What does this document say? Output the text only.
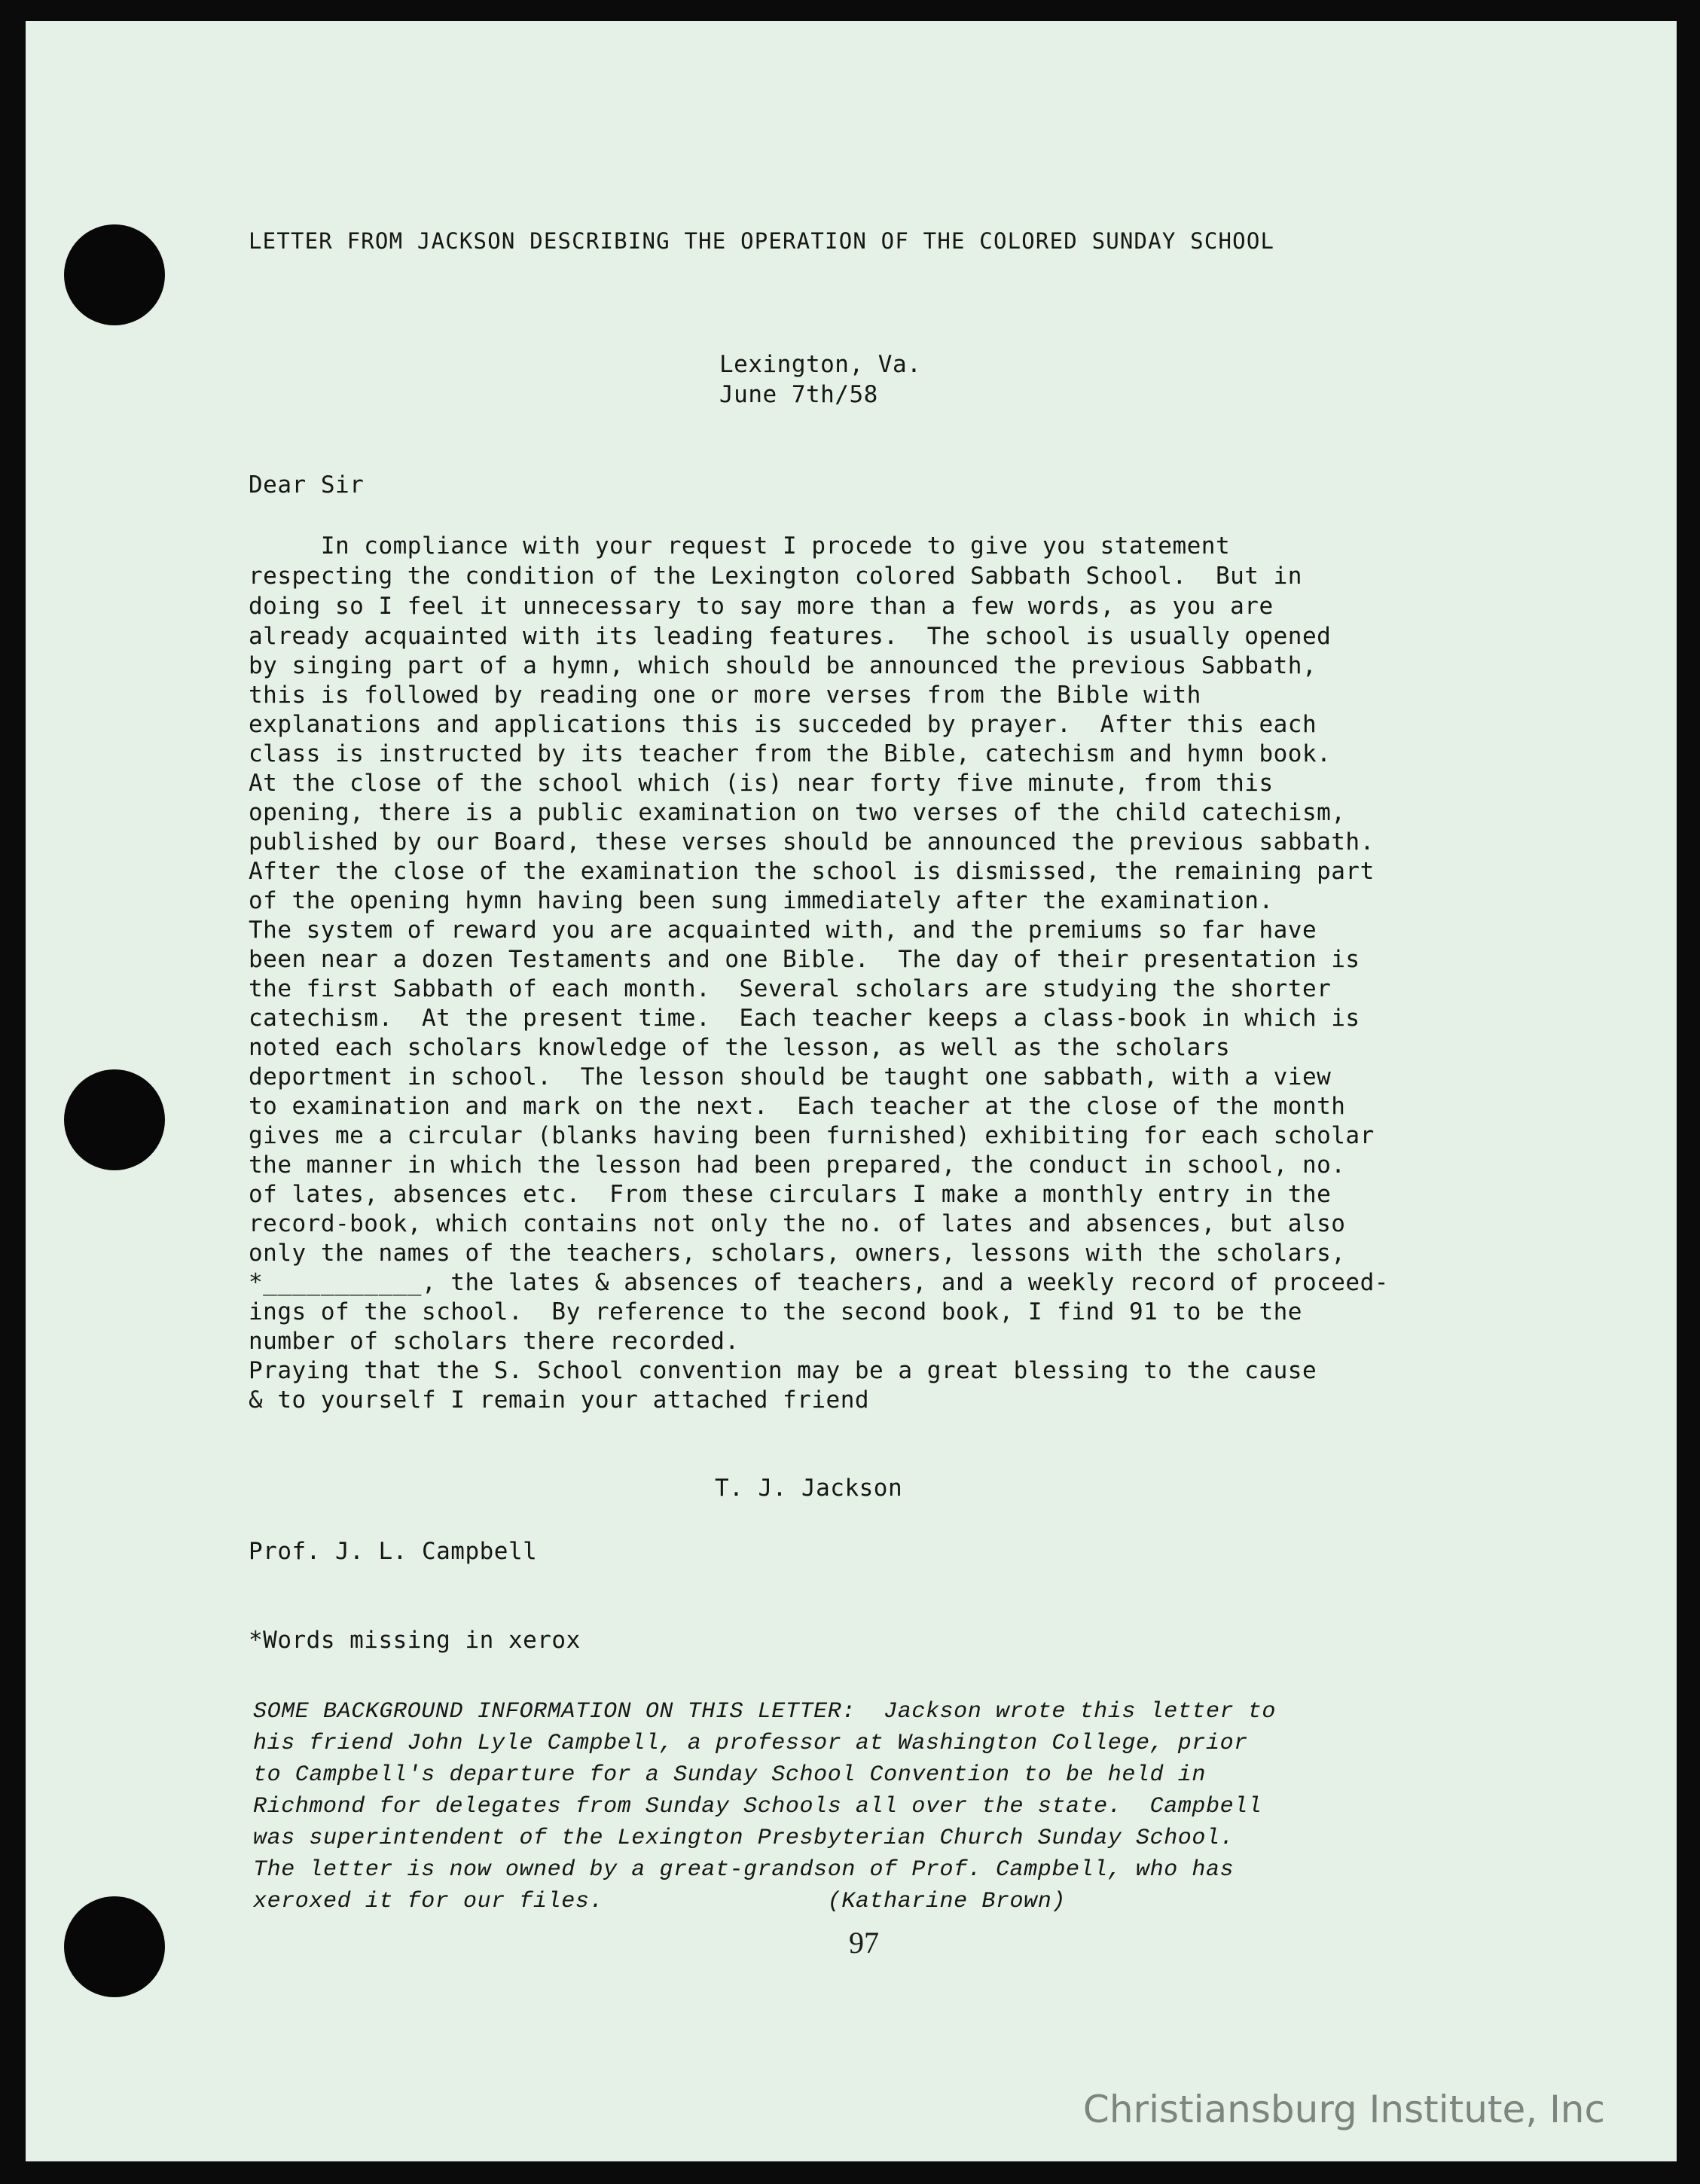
LETTER FROM JACKSON DESCRIBING THE OPERATION OF THE COLORED SUNDAY SCHOOL
Lexington, Va.
June 7th/58
Dear Sir
In compliance with your request I procede to give you statement
respecting the condition of the Lexington colored Sabbath School.  But in
doing so I feel it unnecessary to say more than a few words, as you are
already acquainted with its leading features.  The school is usually opened
by singing part of a hymn, which should be announced the previous Sabbath,
this is followed by reading one or more verses from the Bible with
explanations and applications this is succeded by prayer.  After this each
class is instructed by its teacher from the Bible, catechism and hymn book.
At the close of the school which (is) near forty five minute, from this
opening, there is a public examination on two verses of the child catechism,
published by our Board, these verses should be announced the previous sabbath.
After the close of the examination the school is dismissed, the remaining part
of the opening hymn having been sung immediately after the examination.
The system of reward you are acquainted with, and the premiums so far have
been near a dozen Testaments and one Bible.  The day of their presentation is
the first Sabbath of each month.  Several scholars are studying the shorter
catechism.  At the present time.  Each teacher keeps a class-book in which is
noted each scholars knowledge of the lesson, as well as the scholars
deportment in school.  The lesson should be taught one sabbath, with a view
to examination and mark on the next.  Each teacher at the close of the month
gives me a circular (blanks having been furnished) exhibiting for each scholar
the manner in which the lesson had been prepared, the conduct in school, no.
of lates, absences etc.  From these circulars I make a monthly entry in the
record-book, which contains not only the no. of lates and absences, but also
only the names of the teachers, scholars, owners, lessons with the scholars,
*___________, the lates & absences of teachers, and a weekly record of proceed-
ings of the school.  By reference to the second book, I find 91 to be the
number of scholars there recorded.
Praying that the S. School convention may be a great blessing to the cause
& to yourself I remain your attached friend
T. J. Jackson
Prof. J. L. Campbell
*Words missing in xerox
SOME BACKGROUND INFORMATION ON THIS LETTER:  Jackson wrote this letter to
his friend John Lyle Campbell, a professor at Washington College, prior
to Campbell's departure for a Sunday School Convention to be held in
Richmond for delegates from Sunday Schools all over the state.  Campbell
was superintendent of the Lexington Presbyterian Church Sunday School.
The letter is now owned by a great-grandson of Prof. Campbell, who has
xeroxed it for our files.                (Katharine Brown)
97
Christiansburg Institute, Inc
